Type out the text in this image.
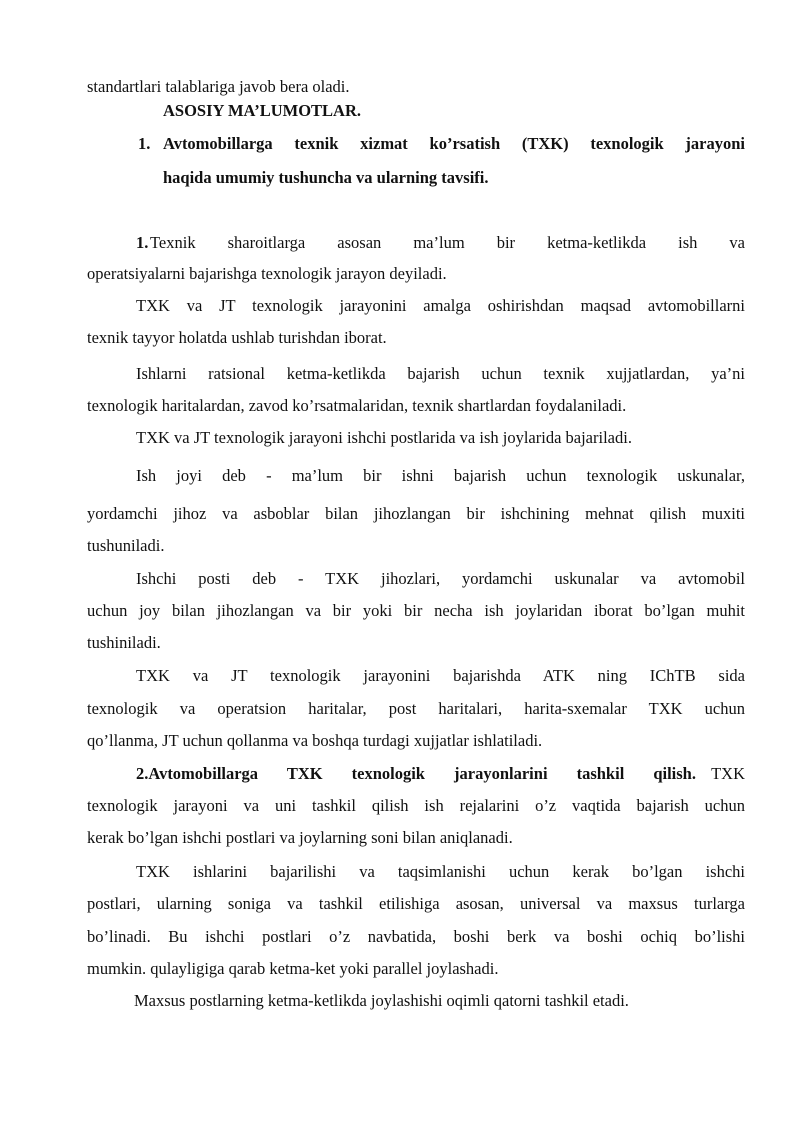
standartlari talablariga javob bera oladi.
ASOSIY MA’LUMOTLAR.
1. Avtomobillarga texnik xizmat ko’rsatish (TXK) texnologik jarayoni
haqida umumiy tushuncha va ularning tavsifi.
1. Texnik sharoitlarga asosan ma’lum bir ketma-ketlikda ish va
operatsiyalarni bajarishga texnologik jarayon deyiladi.
TXK va JT texnologik jarayonini amalga oshirishdan maqsad avtomobillarni
texnik tayyor holatda ushlab turishdan iborat.
Ishlarni ratsional ketma-ketlikda bajarish uchun texnik xujjatlardan, ya’ni
texnologik haritalardan, zavod ko’rsatmalaridan, texnik shartlardan foydalaniladi.
TXK va JT texnologik jarayoni ishchi postlarida va ish joylarida bajariladi.
Ish joyi deb - ma’lum bir ishni bajarish uchun texnologik uskunalar,
yordamchi jihoz va asboblar bilan jihozlangan bir ishchining mehnat qilish muxiti
tushuniladi.
Ishchi posti deb - TXK jihozlari, yordamchi uskunalar va avtomobil
uchun joy bilan jihozlangan va bir yoki bir necha ish joylaridan iborat bo’lgan muhit
tushiniladi.
TXK va JT texnologik jarayonini bajarishda ATK ning IChTB sida
texnologik va operatsion haritalar, post haritalari, harita-sxemalar TXK uchun
qo’llanma, JT uchun qollanma va boshqa turdagi xujjatlar ishlatiladi.
2.Avtomobillarga TXK texnologik jarayonlarini tashkil qilish. TXK
texnologik jarayoni va uni tashkil qilish ish rejalarini o’z vaqtida bajarish uchun
kerak bo’lgan ishchi postlari va joylarning soni bilan aniqlanadi.
TXK ishlarini bajarilishi va taqsimlanishi uchun kerak bo’lgan ishchi
postlari, ularning soniga va tashkil etilishiga asosan, universal va maxsus turlarga
bo’linadi. Bu ishchi postlari o’z navbatida, boshi berk va boshi ochiq bo’lishi
mumkin. qulayligiga qarab ketma-ket yoki parallel joylashadi.
Maxsus postlarning ketma-ketlikda joylashishi oqimli qatorni tashkil etadi.
